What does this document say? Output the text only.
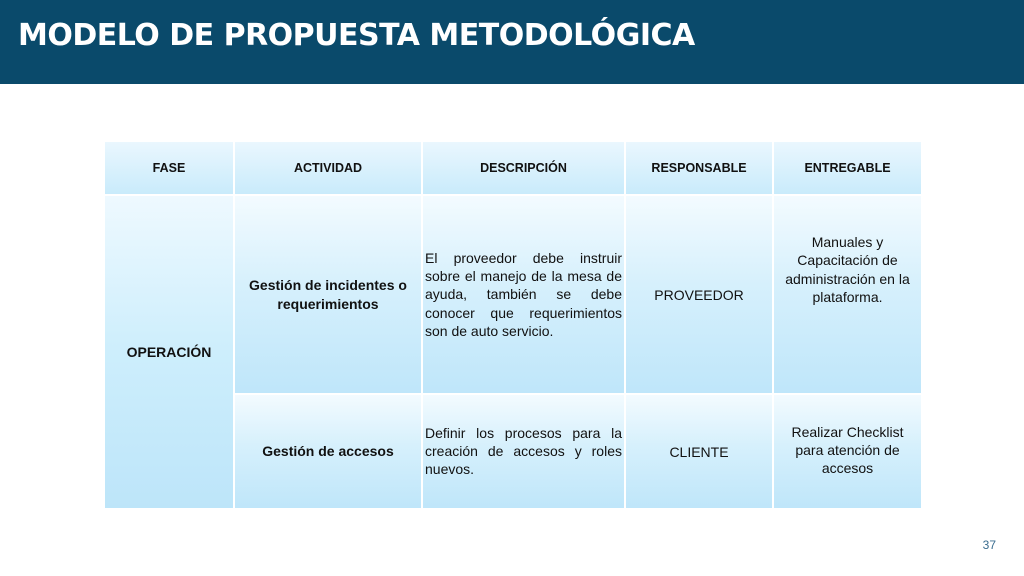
MODELO DE PROPUESTA METODOLÓGICA
FASE	ACTIVIDAD	DESCRIPCIÓN	RESPONSABLE	ENTREGABLE
OPERACIÓN	Gestión de incidentes o requerimientos	El proveedor debe instruir sobre el manejo de la mesa de ayuda, también se debe conocer que requerimientos son de auto servicio.	PROVEEDOR	Manuales y Capacitación de administración en la plataforma.
	Gestión de accesos	Definir los procesos para la creación de accesos y roles nuevos.	CLIENTE	Realizar Checklist para atención de accesos
37
